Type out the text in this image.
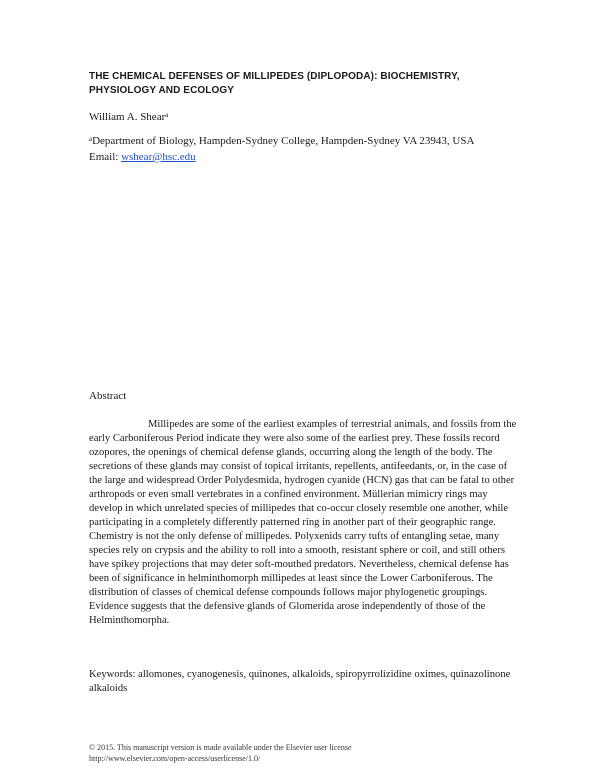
THE CHEMICAL DEFENSES OF MILLIPEDES (DIPLOPODA): BIOCHEMISTRY, PHYSIOLOGY AND ECOLOGY
William A. Shear$^a$
$^a$Department of Biology, Hampden-Sydney College, Hampden-Sydney VA 23943, USA
Email: wshear@hsc.edu
Abstract

Millipedes are some of the earliest examples of terrestrial animals, and fossils from the early Carboniferous Period indicate they were also some of the earliest prey. These fossils record ozopores, the openings of chemical defense glands, occurring along the length of the body. The secretions of these glands may consist of topical irritants, repellents, antifeedants, or, in the case of the large and widespread Order Polydesmida, hydrogen cyanide (HCN) gas that can be fatal to other arthropods or even small vertebrates in a confined environment. Müllerian mimicry rings may develop in which unrelated species of millipedes that co-occur closely resemble one another, while participating in a completely differently patterned ring in another part of their geographic range. Chemistry is not the only defense of millipedes. Polyxenids carry tufts of entangling setae, many species rely on crypsis and the ability to roll into a smooth, resistant sphere or coil, and still others have spikey projections that may deter soft-mouthed predators. Nevertheless, chemical defense has been of significance in helminthomorph millipedes at least since the Lower Carboniferous. The distribution of classes of chemical defense compounds follows major phylogenetic groupings. Evidence suggests that the defensive glands of Glomerida arose independently of those of the Helminthomorpha.

Keywords: allomones, cyanogenesis, quinones, alkaloids, spiropyrrolizidine oximes, quinazolinone alkaloids

© 2015. This manuscript version is made available under the Elsevier user license
http://www.elsevier.com/open-access/userlicense/1.0/
